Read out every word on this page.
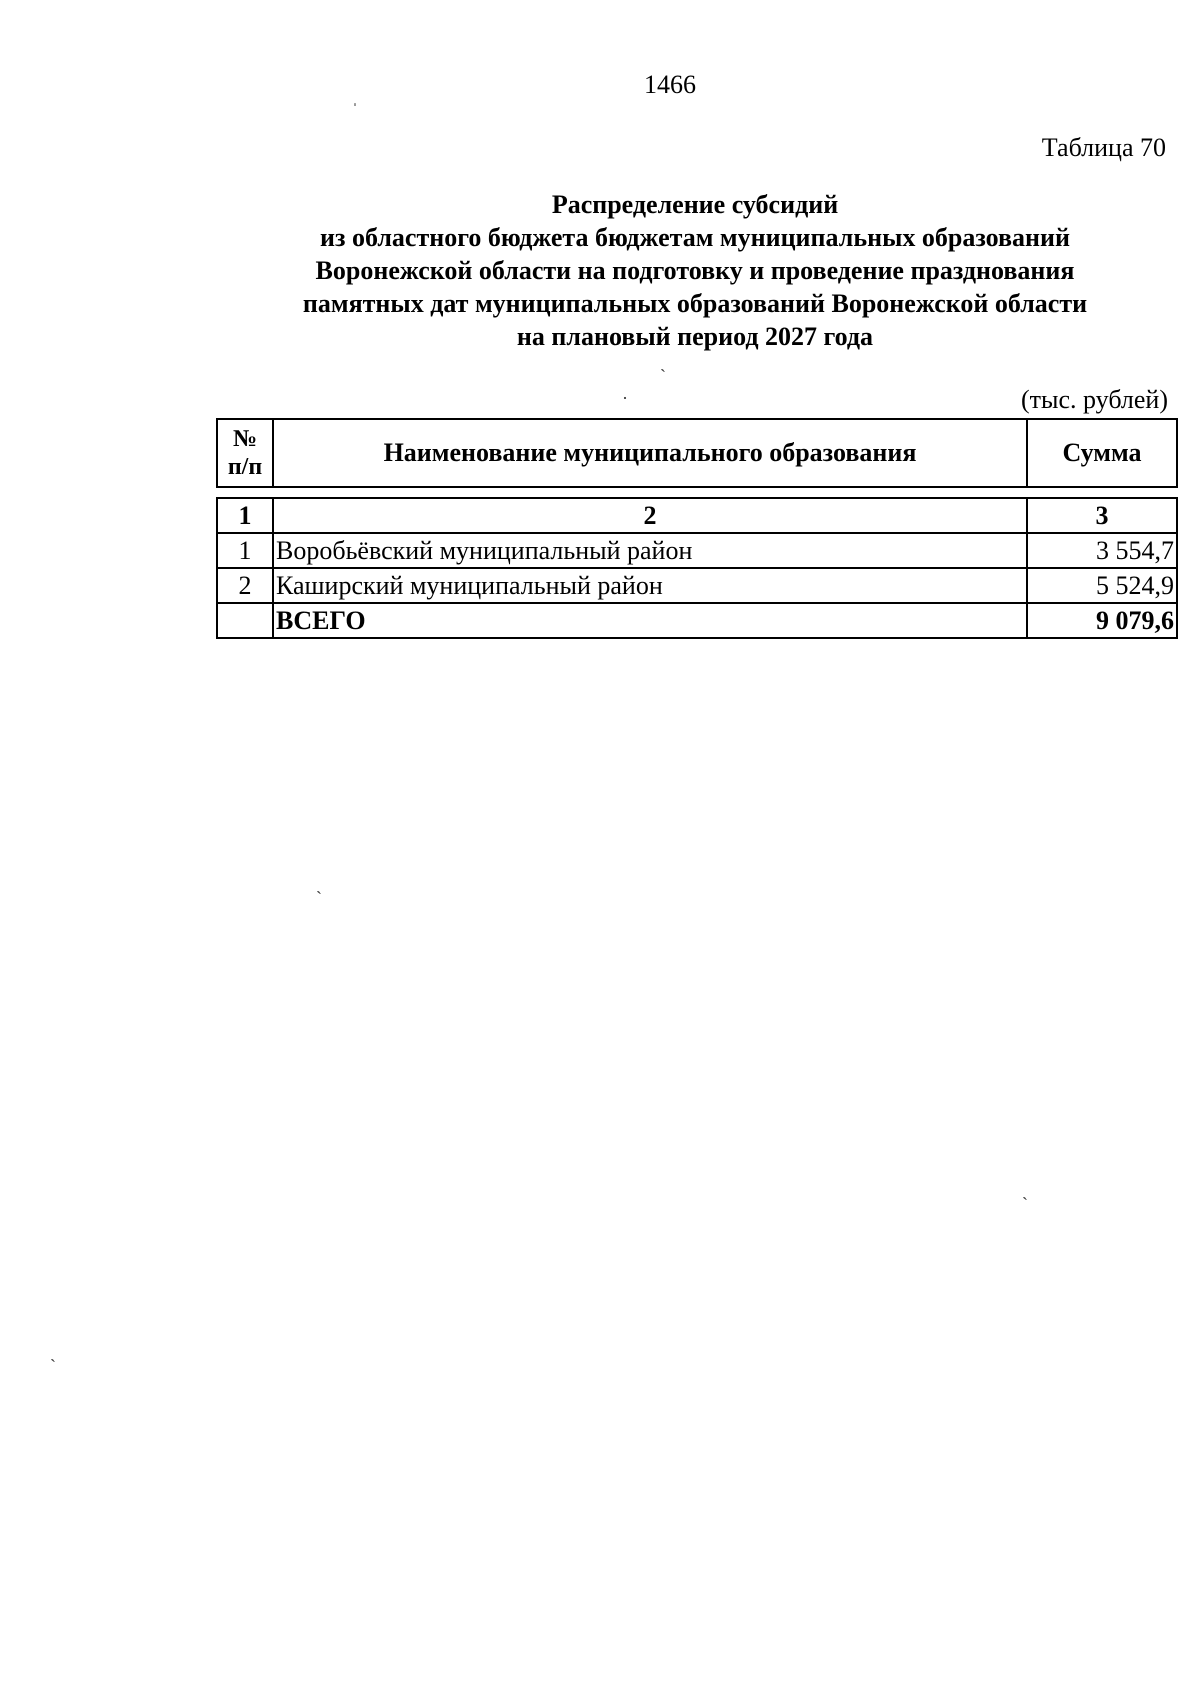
1466
Таблица 70
Распределение субсидий
из областного бюджета бюджетам муниципальных образований
Воронежской области на подготовку и проведение празднования
памятных дат муниципальных образований Воронежской области
на плановый период 2027 года
(тыс. рублей)
№
п/п	Наименование муниципального образования	Сумма
1	2	3
1	Воробьёвский муниципальный район	3 554,7
2	Каширский муниципальный район	5 524,9
	ВСЕГО	9 079,6
ˌ
ˏ
·
ˋ
ˏ
ˏ
